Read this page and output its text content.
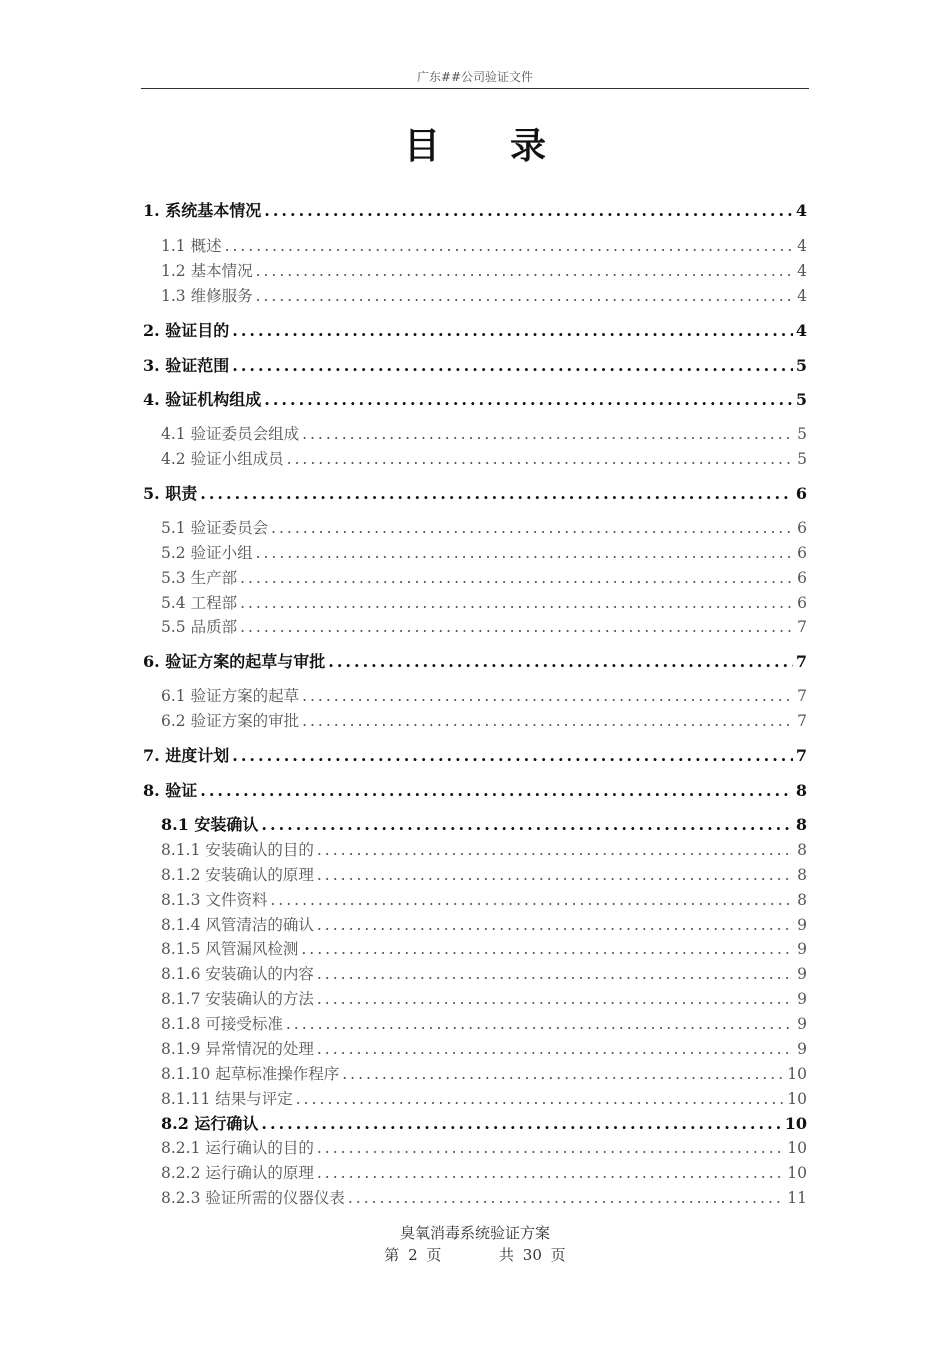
广东##公司验证文件
目录
1. 系统基本情况 .....	4
1.1 概述 .....	4
1.2 基本情况 .....	4
1.3 维修服务 .....	4
2. 验证目的 .....	4
3. 验证范围 .....	5
4. 验证机构组成 .....	5
4.1 验证委员会组成 .....	5
4.2 验证小组成员 .....	5
5. 职责 .....	6
5.1 验证委员会 .....	6
5.2 验证小组 .....	6
5.3 生产部 .....	6
5.4 工程部 .....	6
5.5 品质部 .....	7
6. 验证方案的起草与审批 .....	7
6.1 验证方案的起草 .....	7
6.2 验证方案的审批 .....	7
7. 进度计划 .....	7
8. 验证 .....	8
8.1 安装确认 .....	8
8.1.1 安装确认的目的 .....	8
8.1.2 安装确认的原理 .....	8
8.1.3 文件资料 .....	8
8.1.4 风管清洁的确认 .....	9
8.1.5 风管漏风检测 .....	9
8.1.6 安装确认的内容 .....	9
8.1.7 安装确认的方法 .....	9
8.1.8 可接受标准 .....	9
8.1.9 异常情况的处理 .....	9
8.1.10 起草标准操作程序 .....	10
8.1.11 结果与评定 .....	10
8.2 运行确认 .....	10
8.2.1 运行确认的目的 .....	10
8.2.2 运行确认的原理 .....	10
8.2.3 验证所需的仪器仪表 .....	11
臭氧消毒系统验证方案
第 2 页	共 30 页
